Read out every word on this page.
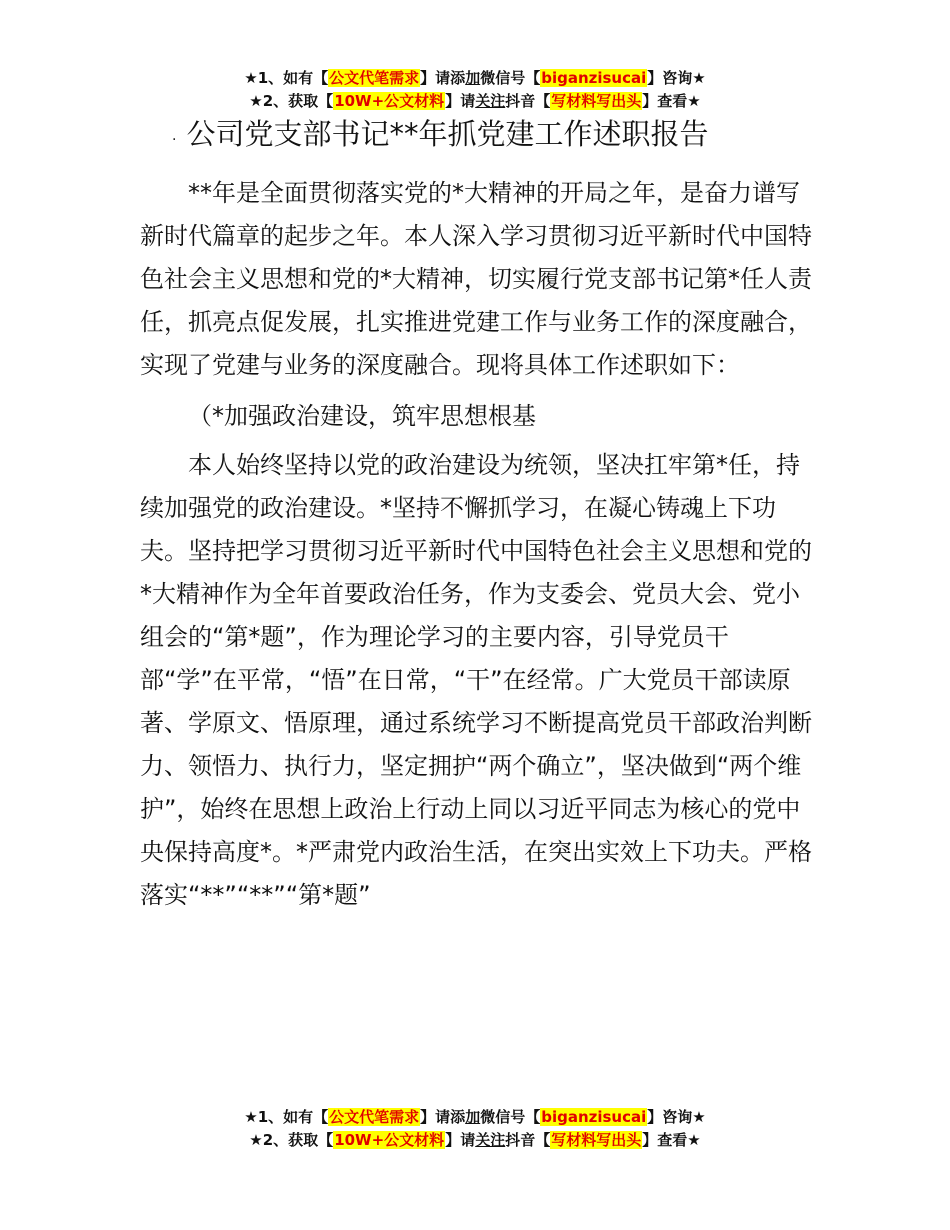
★1、如有【公文代笔需求】请添加微信号【biganzisucai】咨询★
★2、获取【10W+公文材料】请关注抖音【写材料写出头】查看★
. 公司党支部书记**年抓党建工作述职报告

**年是全面贯彻落实党的*大精神的开局之年，是奋力谱写新时代篇章的起步之年。本人深入学习贯彻习近平新时代中国特色社会主义思想和党的*大精神，切实履行党支部书记第*任人责任，抓亮点促发展，扎实推进党建工作与业务工作的深度融合，实现了党建与业务的深度融合。现将具体工作述职如下：

（*加强政治建设，筑牢思想根基

本人始终坚持以党的政治建设为统领，坚决扛牢第*任，持续加强党的政治建设。*坚持不懈抓学习，在凝心铸魂上下功夫。坚持把学习贯彻习近平新时代中国特色社会主义思想和党的*大精神作为全年首要政治任务，作为支委会、党员大会、党小组会的“第*题”，作为理论学习的主要内容，引导党员干部“学”在平常，“悟”在日常，“干”在经常。广大党员干部读原著、学原文、悟原理，通过系统学习不断提高党员干部政治判断力、领悟力、执行力，坚定拥护“两个确立”，坚决做到“两个维护”，始终在思想上政治上行动上同以习近平同志为核心的党中央保持高度*。*严肃党内政治生活，在突出实效上下功夫。严格落实“**”“**”“第*题”

★1、如有【公文代笔需求】请添加微信号【biganzisucai】咨询★
★2、获取【10W+公文材料】请关注抖音【写材料写出头】查看★
